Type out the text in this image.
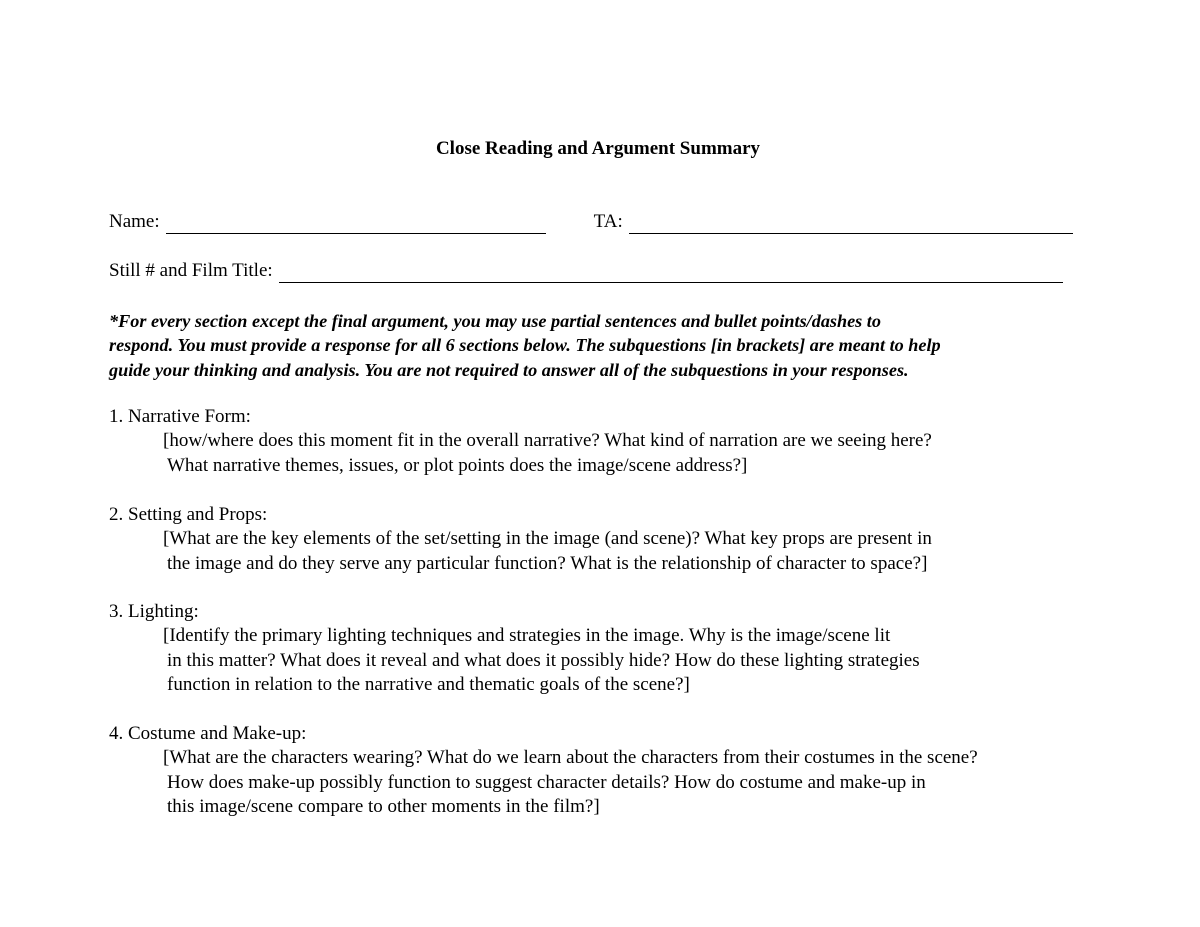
Close Reading and Argument Summary
Name:	TA:
Still # and Film Title:
*For every section except the final argument, you may use partial sentences and bullet points/dashes to
respond. You must provide a response for all 6 sections below. The subquestions [in brackets] are meant to help
guide your thinking and analysis. You are not required to answer all of the subquestions in your responses.
1. Narrative Form:
[how/where does this moment fit in the overall narrative? What kind of narration are we seeing here?
What narrative themes, issues, or plot points does the image/scene address?]
2. Setting and Props:
[What are the key elements of the set/setting in the image (and scene)? What key props are present in
the image and do they serve any particular function? What is the relationship of character to space?]
3. Lighting:
[Identify the primary lighting techniques and strategies in the image. Why is the image/scene lit
in this matter? What does it reveal and what does it possibly hide? How do these lighting strategies
function in relation to the narrative and thematic goals of the scene?]
4. Costume and Make-up:
[What are the characters wearing? What do we learn about the characters from their costumes in the scene?
How does make-up possibly function to suggest character details? How do costume and make-up in
this image/scene compare to other moments in the film?]
